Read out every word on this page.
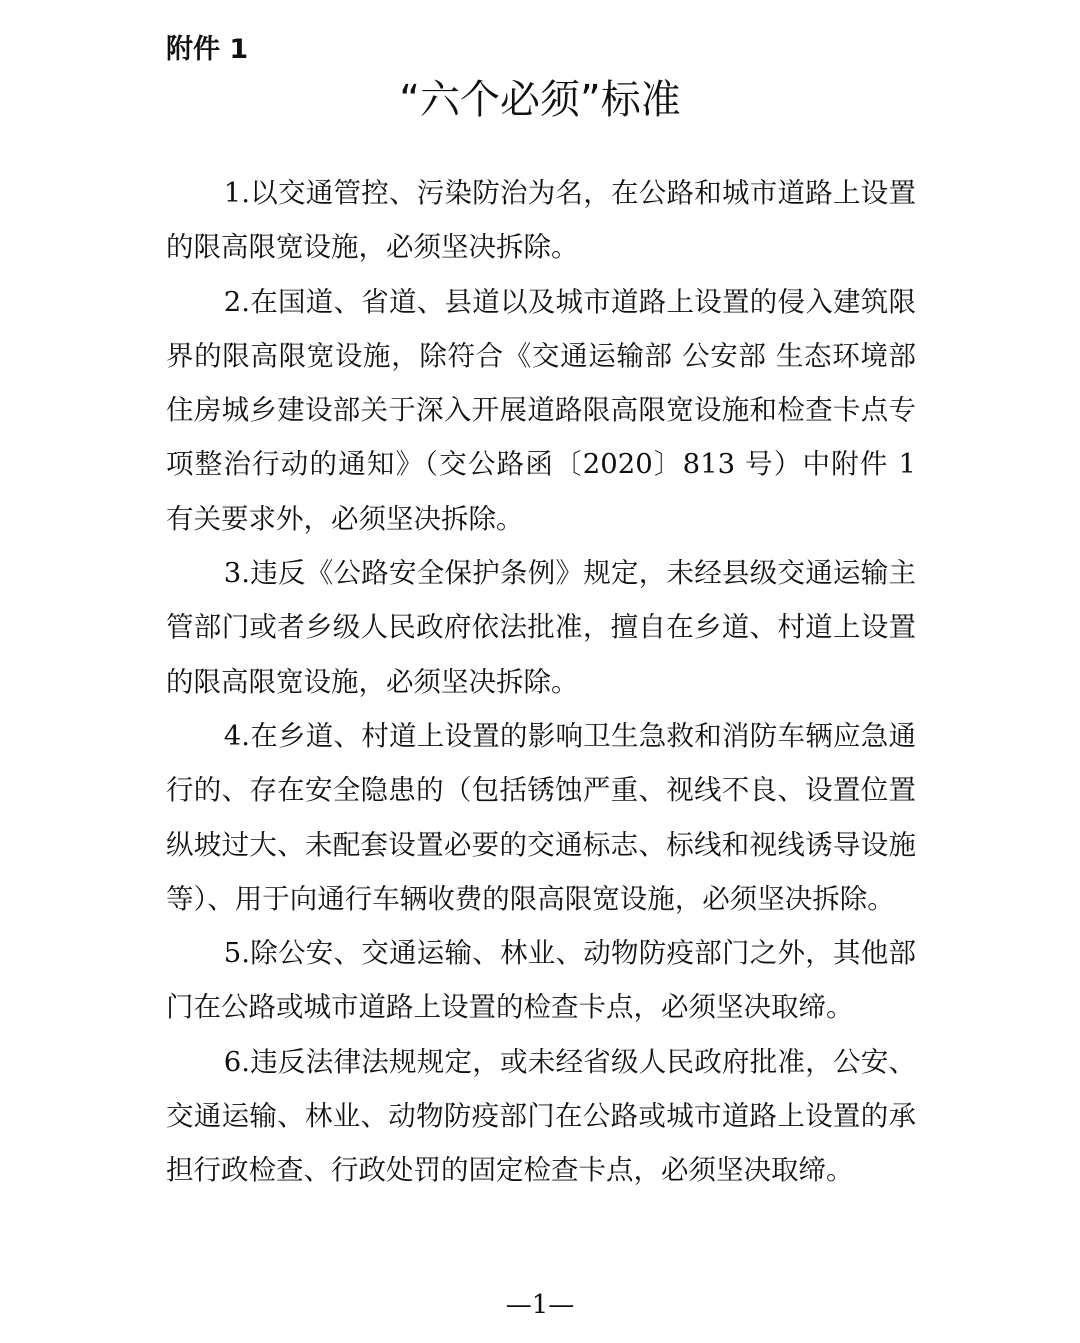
附件 1
“六个必须”标准

1.以交通管控、污染防治为名，在公路和城市道路上设置的限高限宽设施，必须坚决拆除。

2.在国道、省道、县道以及城市道路上设置的侵入建筑限界的限高限宽设施，除符合《交通运输部 公安部 生态环境部 住房城乡建设部关于深入开展道路限高限宽设施和检查卡点专项整治行动的通知》（交公路函〔2020〕813 号）中附件 1 有关要求外，必须坚决拆除。

3.违反《公路安全保护条例》规定，未经县级交通运输主管部门或者乡级人民政府依法批准，擅自在乡道、村道上设置的限高限宽设施，必须坚决拆除。

4.在乡道、村道上设置的影响卫生急救和消防车辆应急通行的、存在安全隐患的（包括锈蚀严重、视线不良、设置位置纵坡过大、未配套设置必要的交通标志、标线和视线诱导设施等）、用于向通行车辆收费的限高限宽设施，必须坚决拆除。

5.除公安、交通运输、林业、动物防疫部门之外，其他部门在公路或城市道路上设置的检查卡点，必须坚决取缔。

6.违反法律法规规定，或未经省级人民政府批准，公安、交通运输、林业、动物防疫部门在公路或城市道路上设置的承担行政检查、行政处罚的固定检查卡点，必须坚决取缔。

—1—
